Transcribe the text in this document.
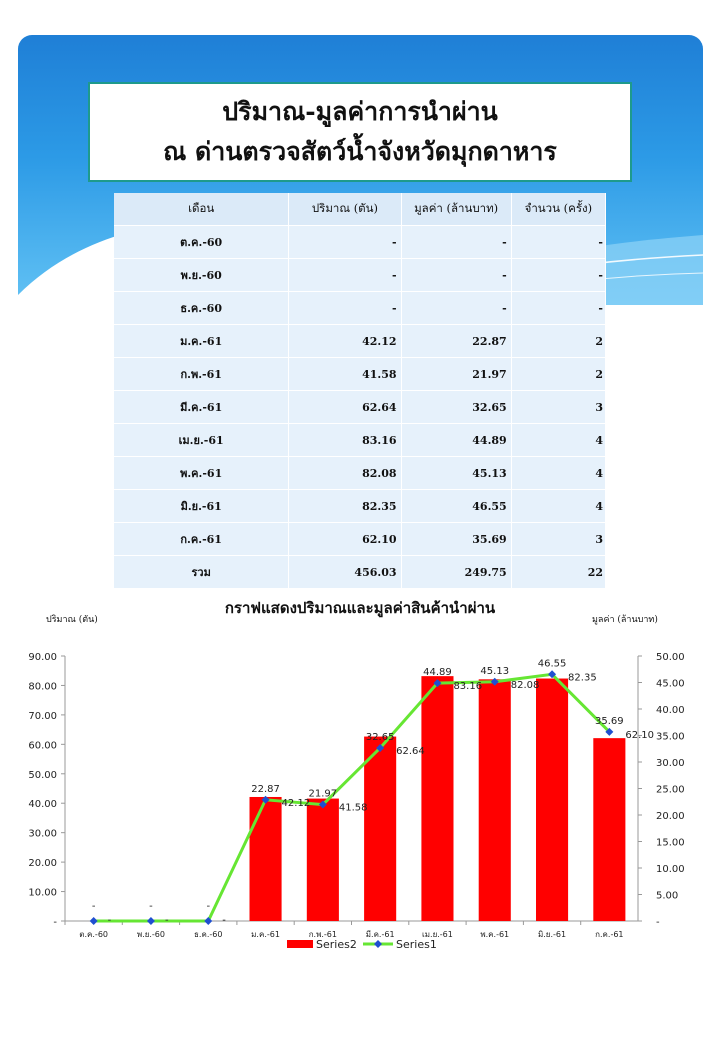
ปริมาณ-มูลค่าการนำผ่าน
ณ ด่านตรวจสัตว์น้ำจังหวัดมุกดาหาร
เดือน	ปริมาณ (ตัน)	มูลค่า (ล้านบาท)	จำนวน (ครั้ง)
ต.ค.-60	-	-	-
พ.ย.-60	-	-	-
ธ.ค.-60	-	-	-
ม.ค.-61	42.12	22.87	2
ก.พ.-61	41.58	21.97	2
มี.ค.-61	62.64	32.65	3
เม.ย.-61	83.16	44.89	4
พ.ค.-61	82.08	45.13	4
มิ.ย.-61	82.35	46.55	4
ก.ค.-61	62.10	35.69	3
รวม	456.03	249.75	22
กราฟแสดงปริมาณและมูลค่าสินค้านำผ่าน
ปริมาณ (ตัน)	มูลค่า (ล้านบาท)
-
10.00
20.00
30.00
40.00
50.00
60.00
70.00
80.00
90.00
-
5.00
10.00
15.00
20.00
25.00
30.00
35.00
40.00
45.00
50.00
ต.ค.-60	พ.ย.-60	ธ.ค.-60	ม.ค.-61	ก.พ.-61	มี.ค.-61	เม.ย.-61	พ.ค.-61	มิ.ย.-61	ก.ค.-61
-	-	-
42.12	41.58
62.64
83.16	82.08
82.35
62.10
-	-	-
22.87	21.97
32.65
44.89	45.13
46.55
35.69
Series2	Series1
